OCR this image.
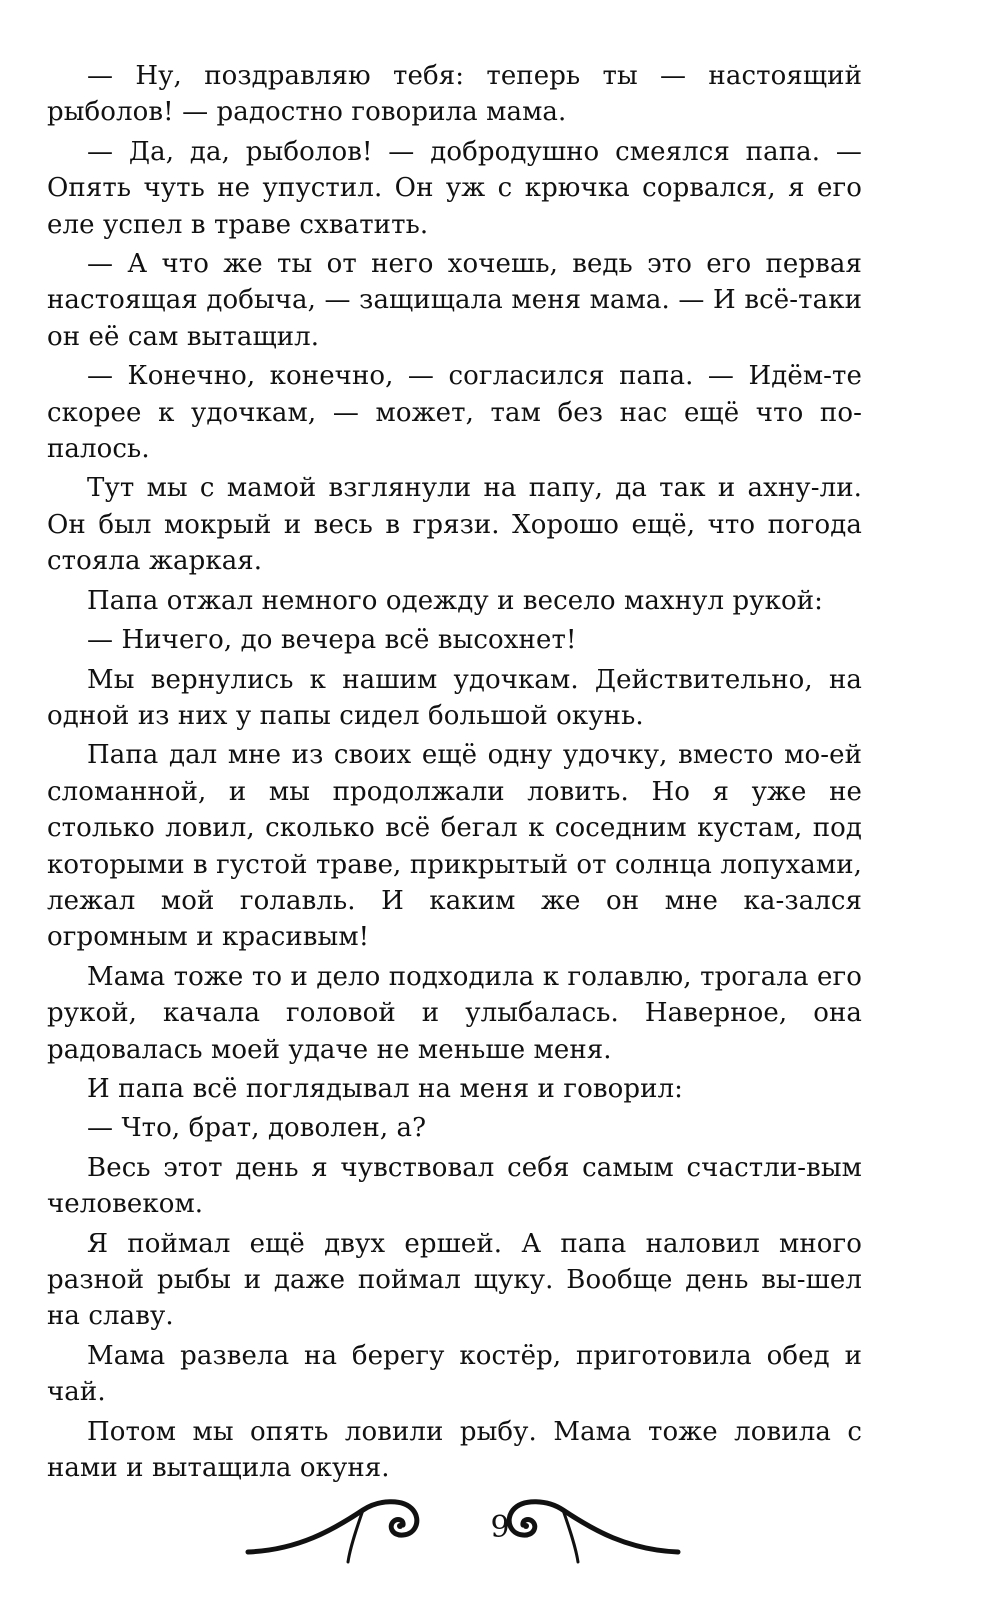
— Ну, поздравляю тебя: теперь ты — настоящий рыболов! — радостно говорила мама.

— Да, да, рыболов! — добродушно смеялся папа. — Опять чуть не упустил. Он уж с крючка сорвался, я его еле успел в траве схватить.

— А что же ты от него хочешь, ведь это его первая настоящая добыча, — защищала меня мама. — И всё-таки он её сам вытащил.

— Конечно, конечно, — согласился папа. — Идём-те скорее к удочкам, — может, там без нас ещё что по-палось.

Тут мы с мамой взглянули на папу, да так и ахну-ли. Он был мокрый и весь в грязи. Хорошо ещё, что погода стояла жаркая.

Папа отжал немного одежду и весело махнул рукой:

— Ничего, до вечера всё высохнет!

Мы вернулись к нашим удочкам. Действительно, на одной из них у папы сидел большой окунь.

Папа дал мне из своих ещё одну удочку, вместо мо-ей сломанной, и мы продолжали ловить. Но я уже не столько ловил, сколько всё бегал к соседним кустам, под которыми в густой траве, прикрытый от солнца лопухами, лежал мой голавль. И каким же он мне ка-зался огромным и красивым!

Мама тоже то и дело подходила к голавлю, трогала его рукой, качала головой и улыбалась. Наверное, она радовалась моей удаче не меньше меня.

И папа всё поглядывал на меня и говорил:

— Что, брат, доволен, а?

Весь этот день я чувствовал себя самым счастли-вым человеком.

Я поймал ещё двух ершей. А папа наловил много разной рыбы и даже поймал щуку. Вообще день вы-шел на славу.

Мама развела на берегу костёр, приготовила обед и чай.

Потом мы опять ловили рыбу. Мама тоже ловила с нами и вытащила окуня.

9
